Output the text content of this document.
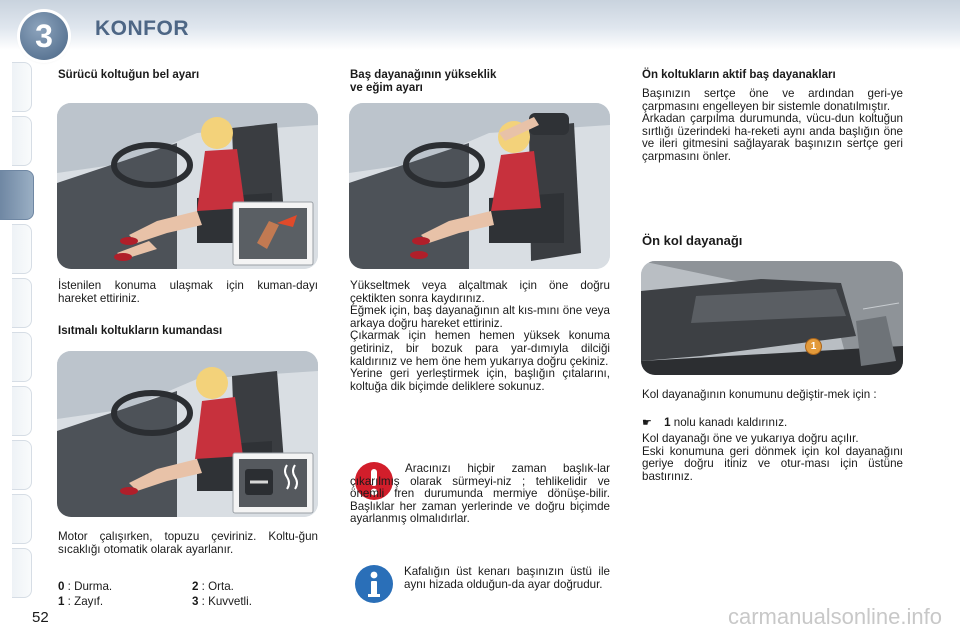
3	KONFOR
Sürücü koltuğun bel ayarı
İstenilen konuma ulaşmak için kuman-dayı hareket ettiriniz.
Isıtmalı koltukların kumandası
Motor çalışırken, topuzu çeviriniz. Koltu-ğun sıcaklığı otomatik olarak ayarlanır.
0 : Durma.
1 : Zayıf.
2 : Orta.
3 : Kuvvetli.
52
Baş dayanağının yükseklik
ve eğim ayarı
Yükseltmek veya alçaltmak için öne doğru çektikten sonra kaydırınız.
Eğmek için, baş dayanağının alt kıs-mını öne veya arkaya doğru hareket ettiriniz.
Çıkarmak için hemen hemen yüksek konuma getiriniz, bir bozuk para yar-dımıyla dilciği kaldırınız ve hem öne hem yukarıya doğru çekiniz.
Yerine geri yerleştirmek için, başlığın çıtalarını, koltuğa dik biçimde deliklere sokunuz.
Aracınızı hiçbir zaman başlık-lar çıkarılmış olarak sürmeyi-niz ; tehlikelidir ve önemli fren durumunda mermiye dönüşe-bilir. Başlıklar her zaman yerlerinde ve doğru biçimde ayarlanmış olmalıdırlar.
Kafalığın üst kenarı başınızın üstü ile aynı hizada olduğun-da ayar doğrudur.
Ön koltukların aktif baş dayanakları
Başınızın sertçe öne ve ardından geri-ye çarpmasını engelleyen bir sistemle donatılmıştır.
Arkadan çarpılma durumunda, vücu-dun koltuğun sırtlığı üzerindeki ha-reketi aynı anda başlığın öne ve ileri gitmesini sağlayarak başınızın sertçe geri çarpmasını önler.
Ön kol dayanağı
1
Kol dayanağının konumunu değiştir-mek için :
☛ 1 nolu kanadı kaldırınız.
Kol dayanağı öne ve yukarıya doğru açılır.
Eski konumuna geri dönmek için kol dayanağını geriye doğru itiniz ve otur-ması için üstüne bastırınız.
carmanualsonline.info
